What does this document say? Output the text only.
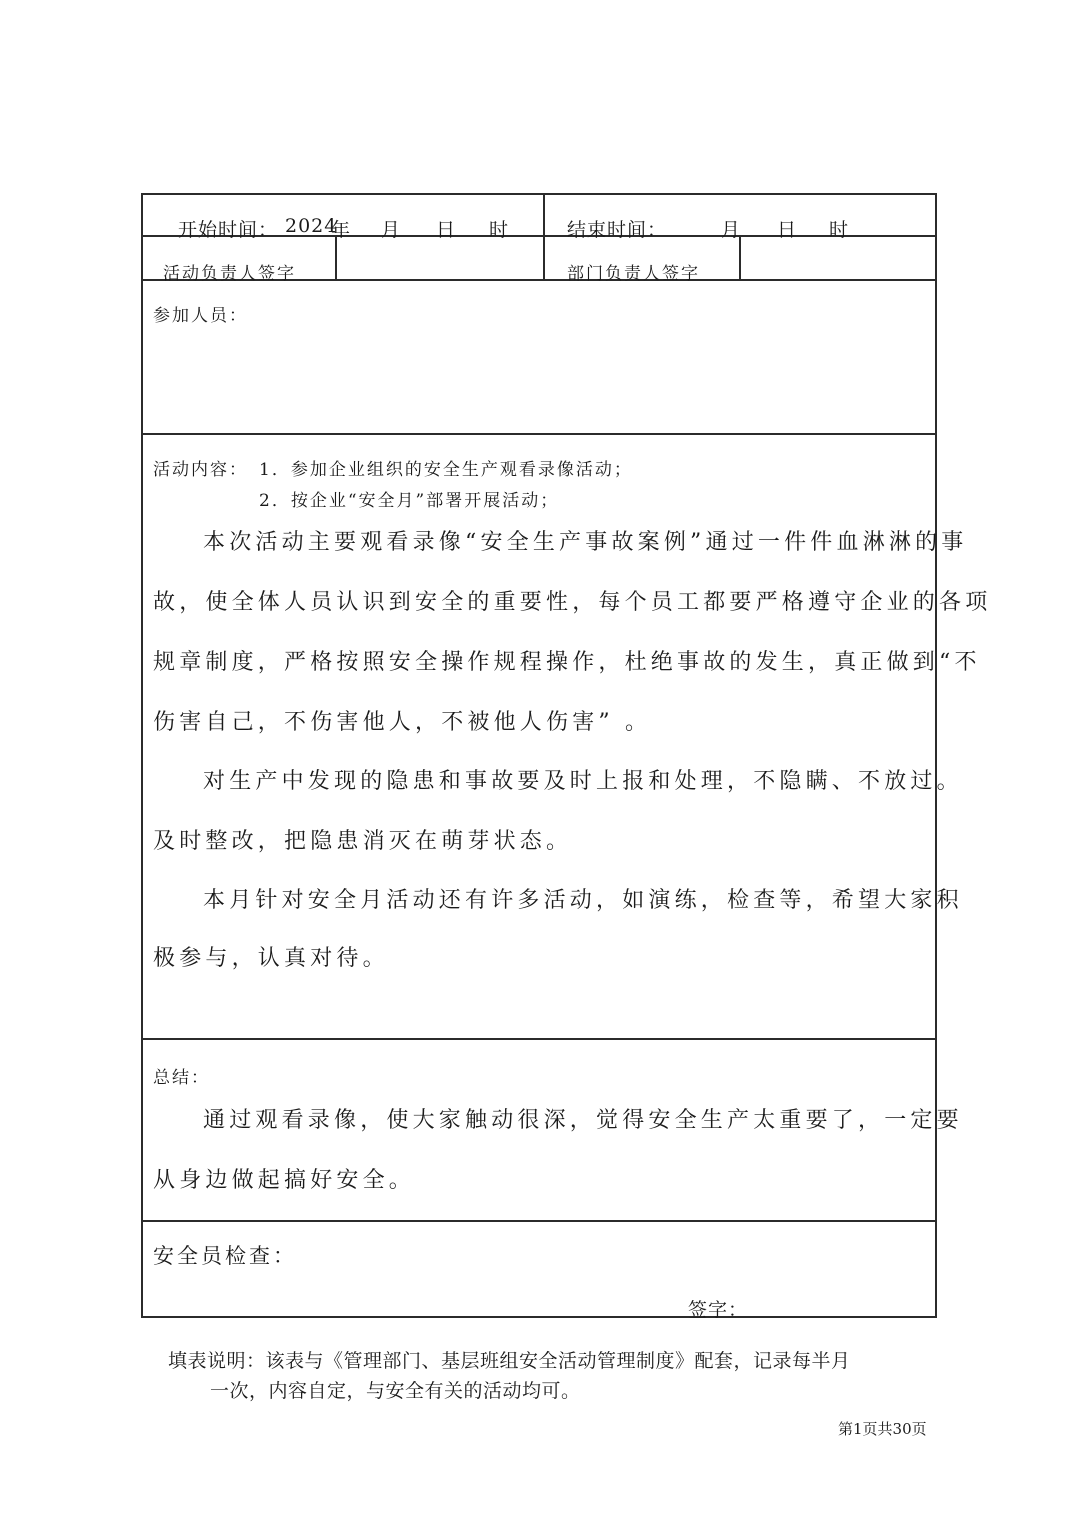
开始时间： 2024
年 月 日 时	结束时间：	月 日 时
活动负责人签字	部门负责人签字
参加人员：
活动内容： 1．参加企业组织的安全生产观看录像活动；
2．按企业“安全月”部署开展活动；
本次活动主要观看录像“安全生产事故案例”通过一件件血淋淋的事
故，使全体人员认识到安全的重要性，每个员工都要严格遵守企业的各项
规章制度，严格按照安全操作规程操作，杜绝事故的发生，真正做到“不
伤害自己，不伤害他人，不被他人伤害” 。
对生产中发现的隐患和事故要及时上报和处理，不隐瞒、不放过。
及时整改，把隐患消灭在萌芽状态。
本月针对安全月活动还有许多活动，如演练，检查等，希望大家积
极参与，认真对待。
总结：
通过观看录像，使大家触动很深，觉得安全生产太重要了，一定要
从身边做起搞好安全。
安全员检查：
签字：
填表说明：该表与《管理部门、基层班组安全活动管理制度》配套，记录每半月
一次，内容自定，与安全有关的活动均可。
第1页共30页
